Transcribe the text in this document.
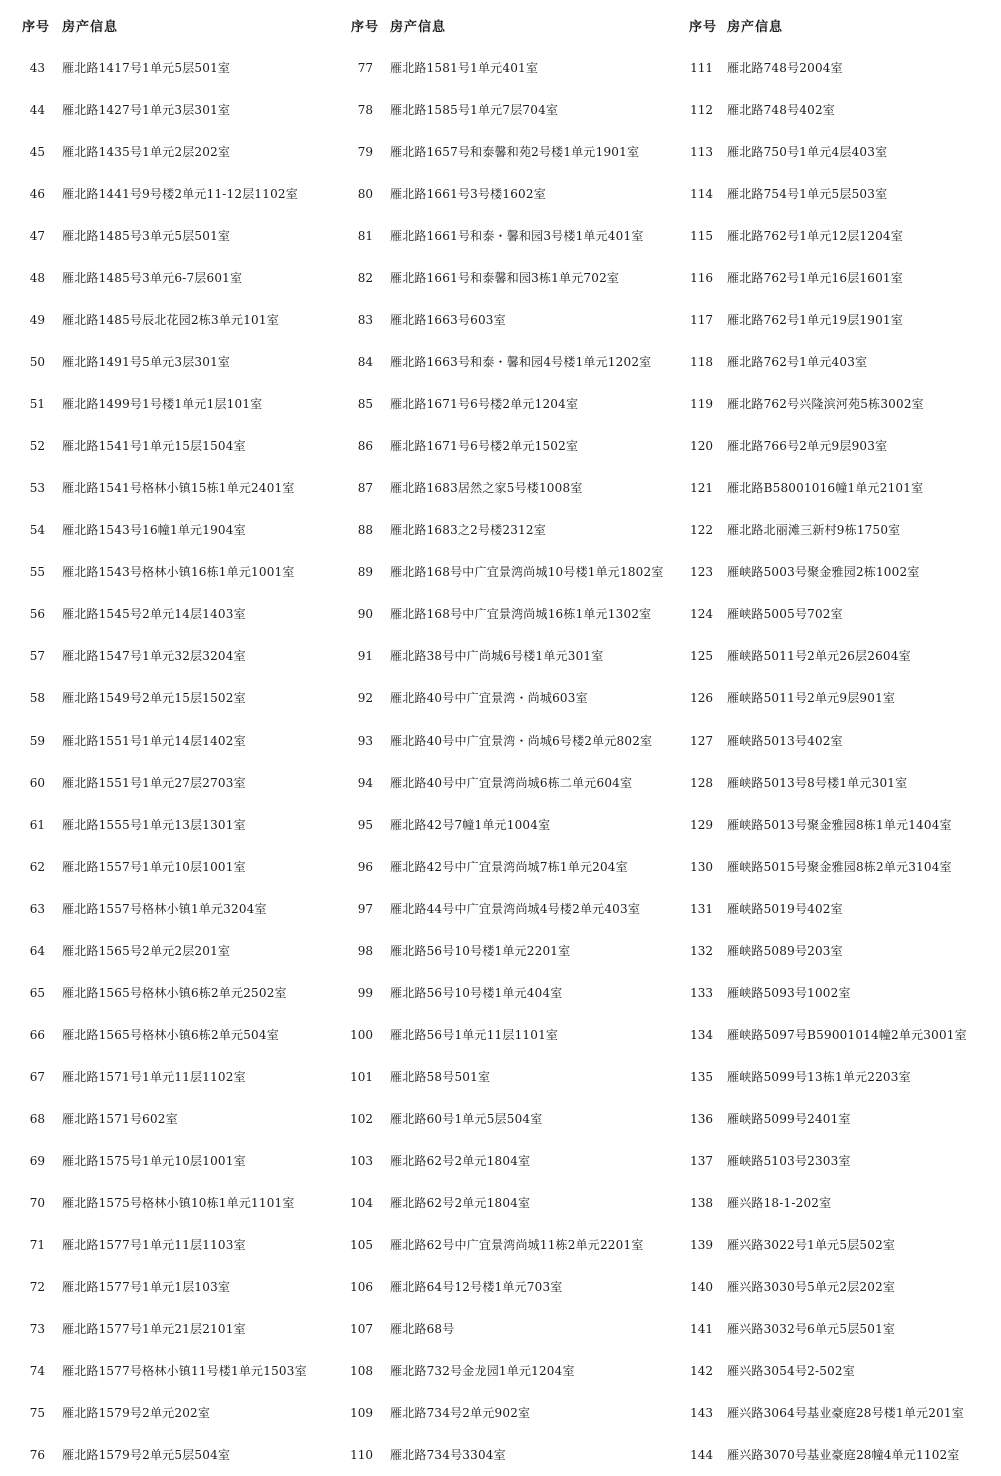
序号 房产信息
43 雁北路1417号1单元5层501室
44 雁北路1427号1单元3层301室
45 雁北路1435号1单元2层202室
46 雁北路1441号9号楼2单元11-12层1102室
47 雁北路1485号3单元5层501室
48 雁北路1485号3单元6-7层601室
49 雁北路1485号辰北花园2栋3单元101室
50 雁北路1491号5单元3层301室
51 雁北路1499号1号楼1单元1层101室
52 雁北路1541号1单元15层1504室
53 雁北路1541号格林小镇15栋1单元2401室
54 雁北路1543号16幢1单元1904室
55 雁北路1543号格林小镇16栋1单元1001室
56 雁北路1545号2单元14层1403室
57 雁北路1547号1单元32层3204室
58 雁北路1549号2单元15层1502室
59 雁北路1551号1单元14层1402室
60 雁北路1551号1单元27层2703室
61 雁北路1555号1单元13层1301室
62 雁北路1557号1单元10层1001室
63 雁北路1557号格林小镇1单元3204室
64 雁北路1565号2单元2层201室
65 雁北路1565号格林小镇6栋2单元2502室
66 雁北路1565号格林小镇6栋2单元504室
67 雁北路1571号1单元11层1102室
68 雁北路1571号602室
69 雁北路1575号1单元10层1001室
70 雁北路1575号格林小镇10栋1单元1101室
71 雁北路1577号1单元11层1103室
72 雁北路1577号1单元1层103室
73 雁北路1577号1单元21层2101室
74 雁北路1577号格林小镇11号楼1单元1503室
75 雁北路1579号2单元202室
76 雁北路1579号2单元5层504室
序号 房产信息
77 雁北路1581号1单元401室
78 雁北路1585号1单元7层704室
79 雁北路1657号和泰馨和苑2号楼1单元1901室
80 雁北路1661号3号楼1602室
81 雁北路1661号和泰・馨和园3号楼1单元401室
82 雁北路1661号和泰馨和园3栋1单元702室
83 雁北路1663号603室
84 雁北路1663号和泰・馨和园4号楼1单元1202室
85 雁北路1671号6号楼2单元1204室
86 雁北路1671号6号楼2单元1502室
87 雁北路1683居然之家5号楼1008室
88 雁北路1683之2号楼2312室
89 雁北路168号中广宜景湾尚城10号楼1单元1802室
90 雁北路168号中广宜景湾尚城16栋1单元1302室
91 雁北路38号中广尚城6号楼1单元301室
92 雁北路40号中广宜景湾・尚城603室
93 雁北路40号中广宜景湾・尚城6号楼2单元802室
94 雁北路40号中广宜景湾尚城6栋二单元604室
95 雁北路42号7幢1单元1004室
96 雁北路42号中广宜景湾尚城7栋1单元204室
97 雁北路44号中广宜景湾尚城4号楼2单元403室
98 雁北路56号10号楼1单元2201室
99 雁北路56号10号楼1单元404室
100 雁北路56号1单元11层1101室
101 雁北路58号501室
102 雁北路60号1单元5层504室
103 雁北路62号2单元1804室
104 雁北路62号2单元1804室
105 雁北路62号中广宜景湾尚城11栋2单元2201室
106 雁北路64号12号楼1单元703室
107 雁北路68号
108 雁北路732号金龙园1单元1204室
109 雁北路734号2单元902室
110 雁北路734号3304室
序号 房产信息
111 雁北路748号2004室
112 雁北路748号402室
113 雁北路750号1单元4层403室
114 雁北路754号1单元5层503室
115 雁北路762号1单元12层1204室
116 雁北路762号1单元16层1601室
117 雁北路762号1单元19层1901室
118 雁北路762号1单元403室
119 雁北路762号兴隆滨河苑5栋3002室
120 雁北路766号2单元9层903室
121 雁北路B58001016幢1单元2101室
122 雁北路北丽滩三新村9栋1750室
123 雁峡路5003号聚金雅园2栋1002室
124 雁峡路5005号702室
125 雁峡路5011号2单元26层2604室
126 雁峡路5011号2单元9层901室
127 雁峡路5013号402室
128 雁峡路5013号8号楼1单元301室
129 雁峡路5013号聚金雅园8栋1单元1404室
130 雁峡路5015号聚金雅园8栋2单元3104室
131 雁峡路5019号402室
132 雁峡路5089号203室
133 雁峡路5093号1002室
134 雁峡路5097号B59001014幢2单元3001室
135 雁峡路5099号13栋1单元2203室
136 雁峡路5099号2401室
137 雁峡路5103号2303室
138 雁兴路18-1-202室
139 雁兴路3022号1单元5层502室
140 雁兴路3030号5单元2层202室
141 雁兴路3032号6单元5层501室
142 雁兴路3054号2-502室
143 雁兴路3064号基业豪庭28号楼1单元201室
144 雁兴路3070号基业豪庭28幢4单元1102室
